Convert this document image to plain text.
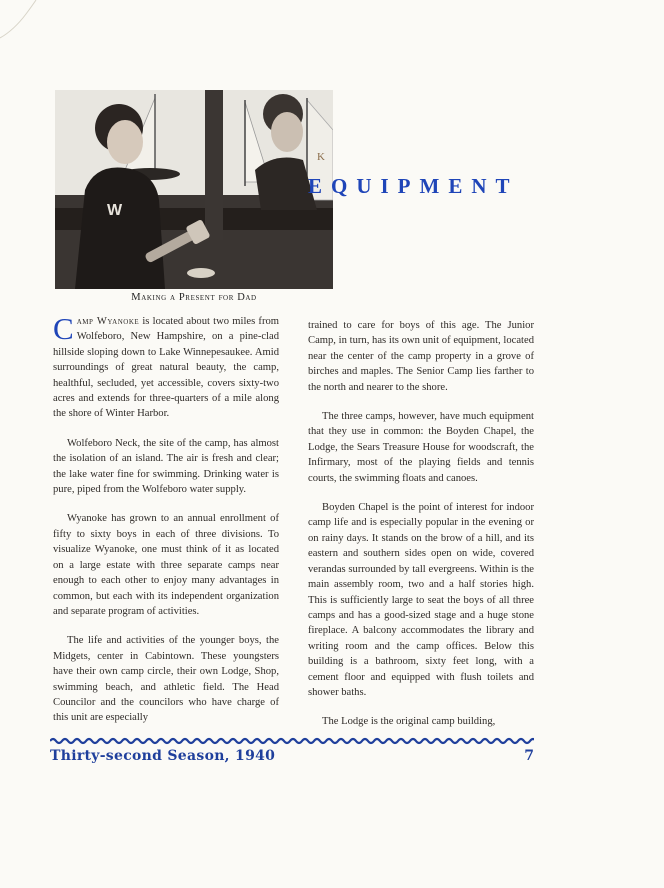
K
W
Making a Present for Dad
EQUIPMENT

Camp Wyanoke is located about two miles from Wolfeboro, New Hampshire, on a pine-clad hillside sloping down to Lake Winnepesaukee. Amid surroundings of great natural beauty, the camp, healthful, secluded, yet accessible, covers sixty-two acres and extends for three-quarters of a mile along the shore of Winter Harbor.

Wolfeboro Neck, the site of the camp, has almost the isolation of an island. The air is fresh and clear; the lake water fine for swimming. Drinking water is pure, piped from the Wolfeboro water supply.

Wyanoke has grown to an annual enrollment of fifty to sixty boys in each of three divisions. To visualize Wyanoke, one must think of it as located on a large estate with three separate camps near enough to each other to enjoy many advantages in common, but each with its independent organization and separate program of activities.

The life and activities of the younger boys, the Midgets, center in Cabintown. These youngsters have their own camp circle, their own Lodge, Shop, swimming beach, and athletic field. The Head Councilor and the councilors who have charge of this unit are especially

trained to care for boys of this age. The Junior Camp, in turn, has its own unit of equipment, located near the center of the camp property in a grove of birches and maples. The Senior Camp lies farther to the north and nearer to the shore.

The three camps, however, have much equipment that they use in common: the Boyden Chapel, the Lodge, the Sears Treasure House for woodscraft, the Infirmary, most of the playing fields and tennis courts, the swimming floats and canoes.

Boyden Chapel is the point of interest for indoor camp life and is especially popular in the evening or on rainy days. It stands on the brow of a hill, and its eastern and southern sides open on wide, covered verandas surrounded by tall evergreens. Within is the main assembly room, two and a half stories high. This is sufficiently large to seat the boys of all three camps and has a good-sized stage and a huge stone fireplace. A balcony accommodates the library and writing room and the camp offices. Below this building is a bathroom, sixty feet long, with a cement floor and equipped with flush toilets and shower baths.

The Lodge is the original camp building,

Thirty-second Season, 1940	7
